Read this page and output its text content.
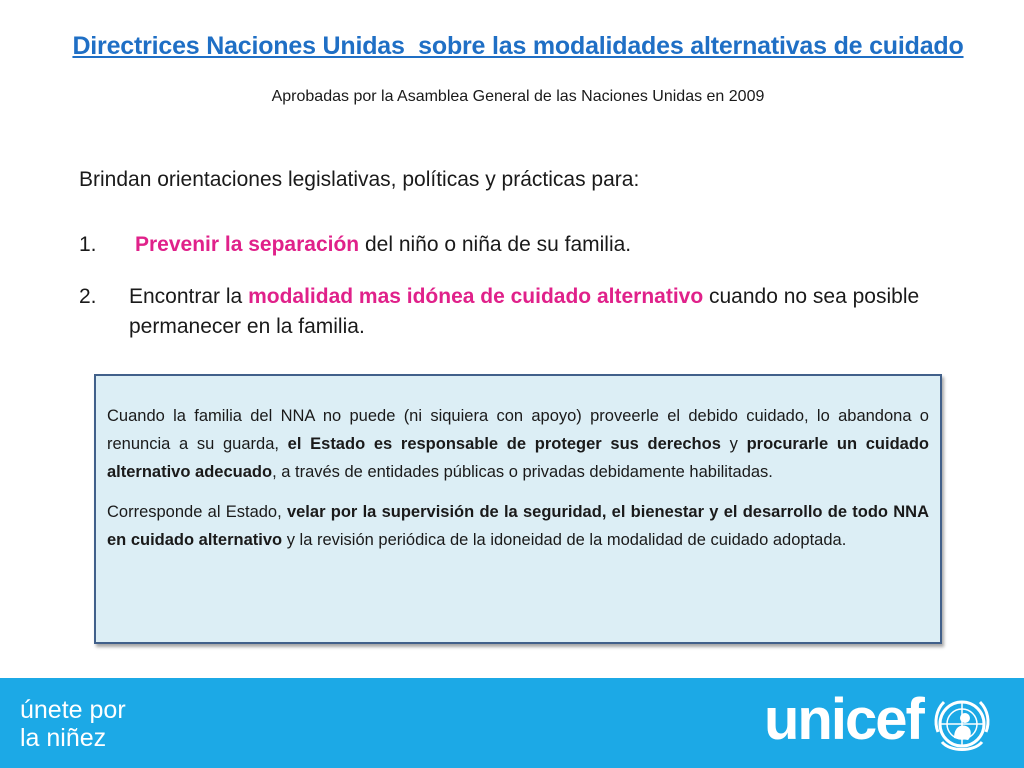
Directrices Naciones Unidas  sobre las modalidades alternativas de cuidado
Aprobadas por la Asamblea General de las Naciones Unidas en 2009
Brindan orientaciones legislativas, políticas y prácticas para:
1. Prevenir la separación del niño o niña de su familia.
2. Encontrar la modalidad mas idónea de cuidado alternativo cuando no sea posible permanecer en la familia.

Cuando la familia del NNA no puede (ni siquiera con apoyo) proveerle el debido cuidado, lo abandona o renuncia a su guarda, el Estado es responsable de proteger sus derechos y procurarle un cuidado alternativo adecuado, a través de entidades públicas o privadas debidamente habilitadas.

Corresponde al Estado, velar por la supervisión de la seguridad, el bienestar y el desarrollo de todo NNA en cuidado alternativo y la revisión periódica de la idoneidad de la modalidad de cuidado adoptada.

únete por
la niñez	unicef
